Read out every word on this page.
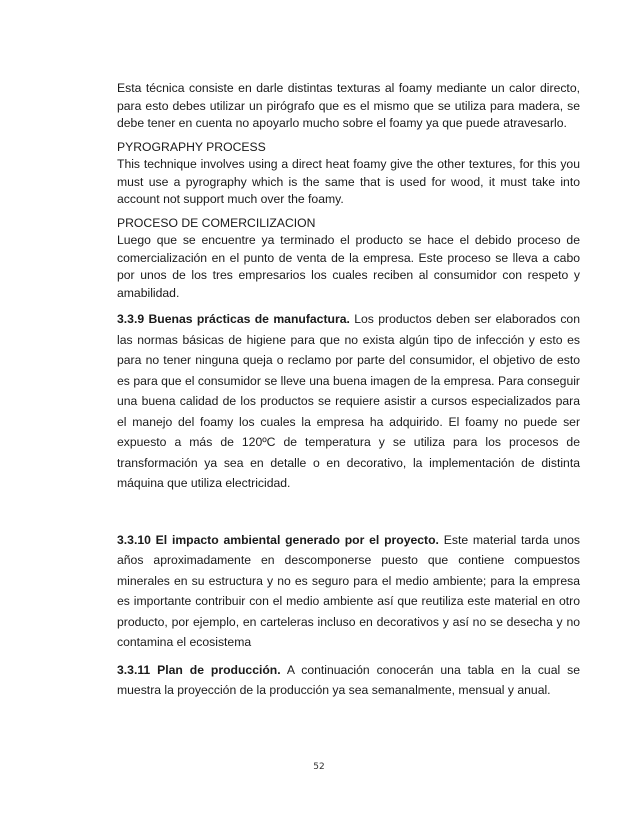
Esta técnica consiste en darle distintas texturas al foamy mediante un calor directo, para esto debes utilizar un pirógrafo que es el mismo que se utiliza para madera, se debe tener en cuenta no apoyarlo mucho sobre el foamy ya que puede atravesarlo.

PYROGRAPHY PROCESS
This technique involves using a direct heat foamy give the other textures, for this you must use a pyrography which is the same that is used for wood, it must take into account not support much over the foamy.

PROCESO DE COMERCILIZACION
Luego que se encuentre ya terminado el producto se hace el debido proceso de comercialización en el punto de venta de la empresa. Este proceso se lleva a cabo por unos de los tres empresarios los cuales reciben al consumidor con respeto y amabilidad.

3.3.9 Buenas prácticas de manufactura. Los productos deben ser elaborados con las normas básicas de higiene para que no exista algún tipo de infección y esto es para no tener ninguna queja o reclamo por parte del consumidor, el objetivo de esto es para que el consumidor se lleve una buena imagen de la empresa. Para conseguir una buena calidad de los productos se requiere asistir a cursos especializados para el manejo del foamy los cuales la empresa ha adquirido. El foamy no puede ser expuesto a más de 120ºC de temperatura y se utiliza para los procesos de transformación ya sea en detalle o en decorativo, la implementación de distinta máquina que utiliza electricidad.

3.3.10 El impacto ambiental generado por el proyecto. Este material tarda unos años aproximadamente en descomponerse puesto que contiene compuestos minerales en su estructura y no es seguro para el medio ambiente; para la empresa es importante contribuir con el medio ambiente así que reutiliza este material en otro producto, por ejemplo, en carteleras incluso en decorativos y así no se desecha y no contamina el ecosistema

3.3.11 Plan de producción. A continuación conocerán una tabla en la cual se muestra la proyección de la producción ya sea semanalmente, mensual y anual.

52
